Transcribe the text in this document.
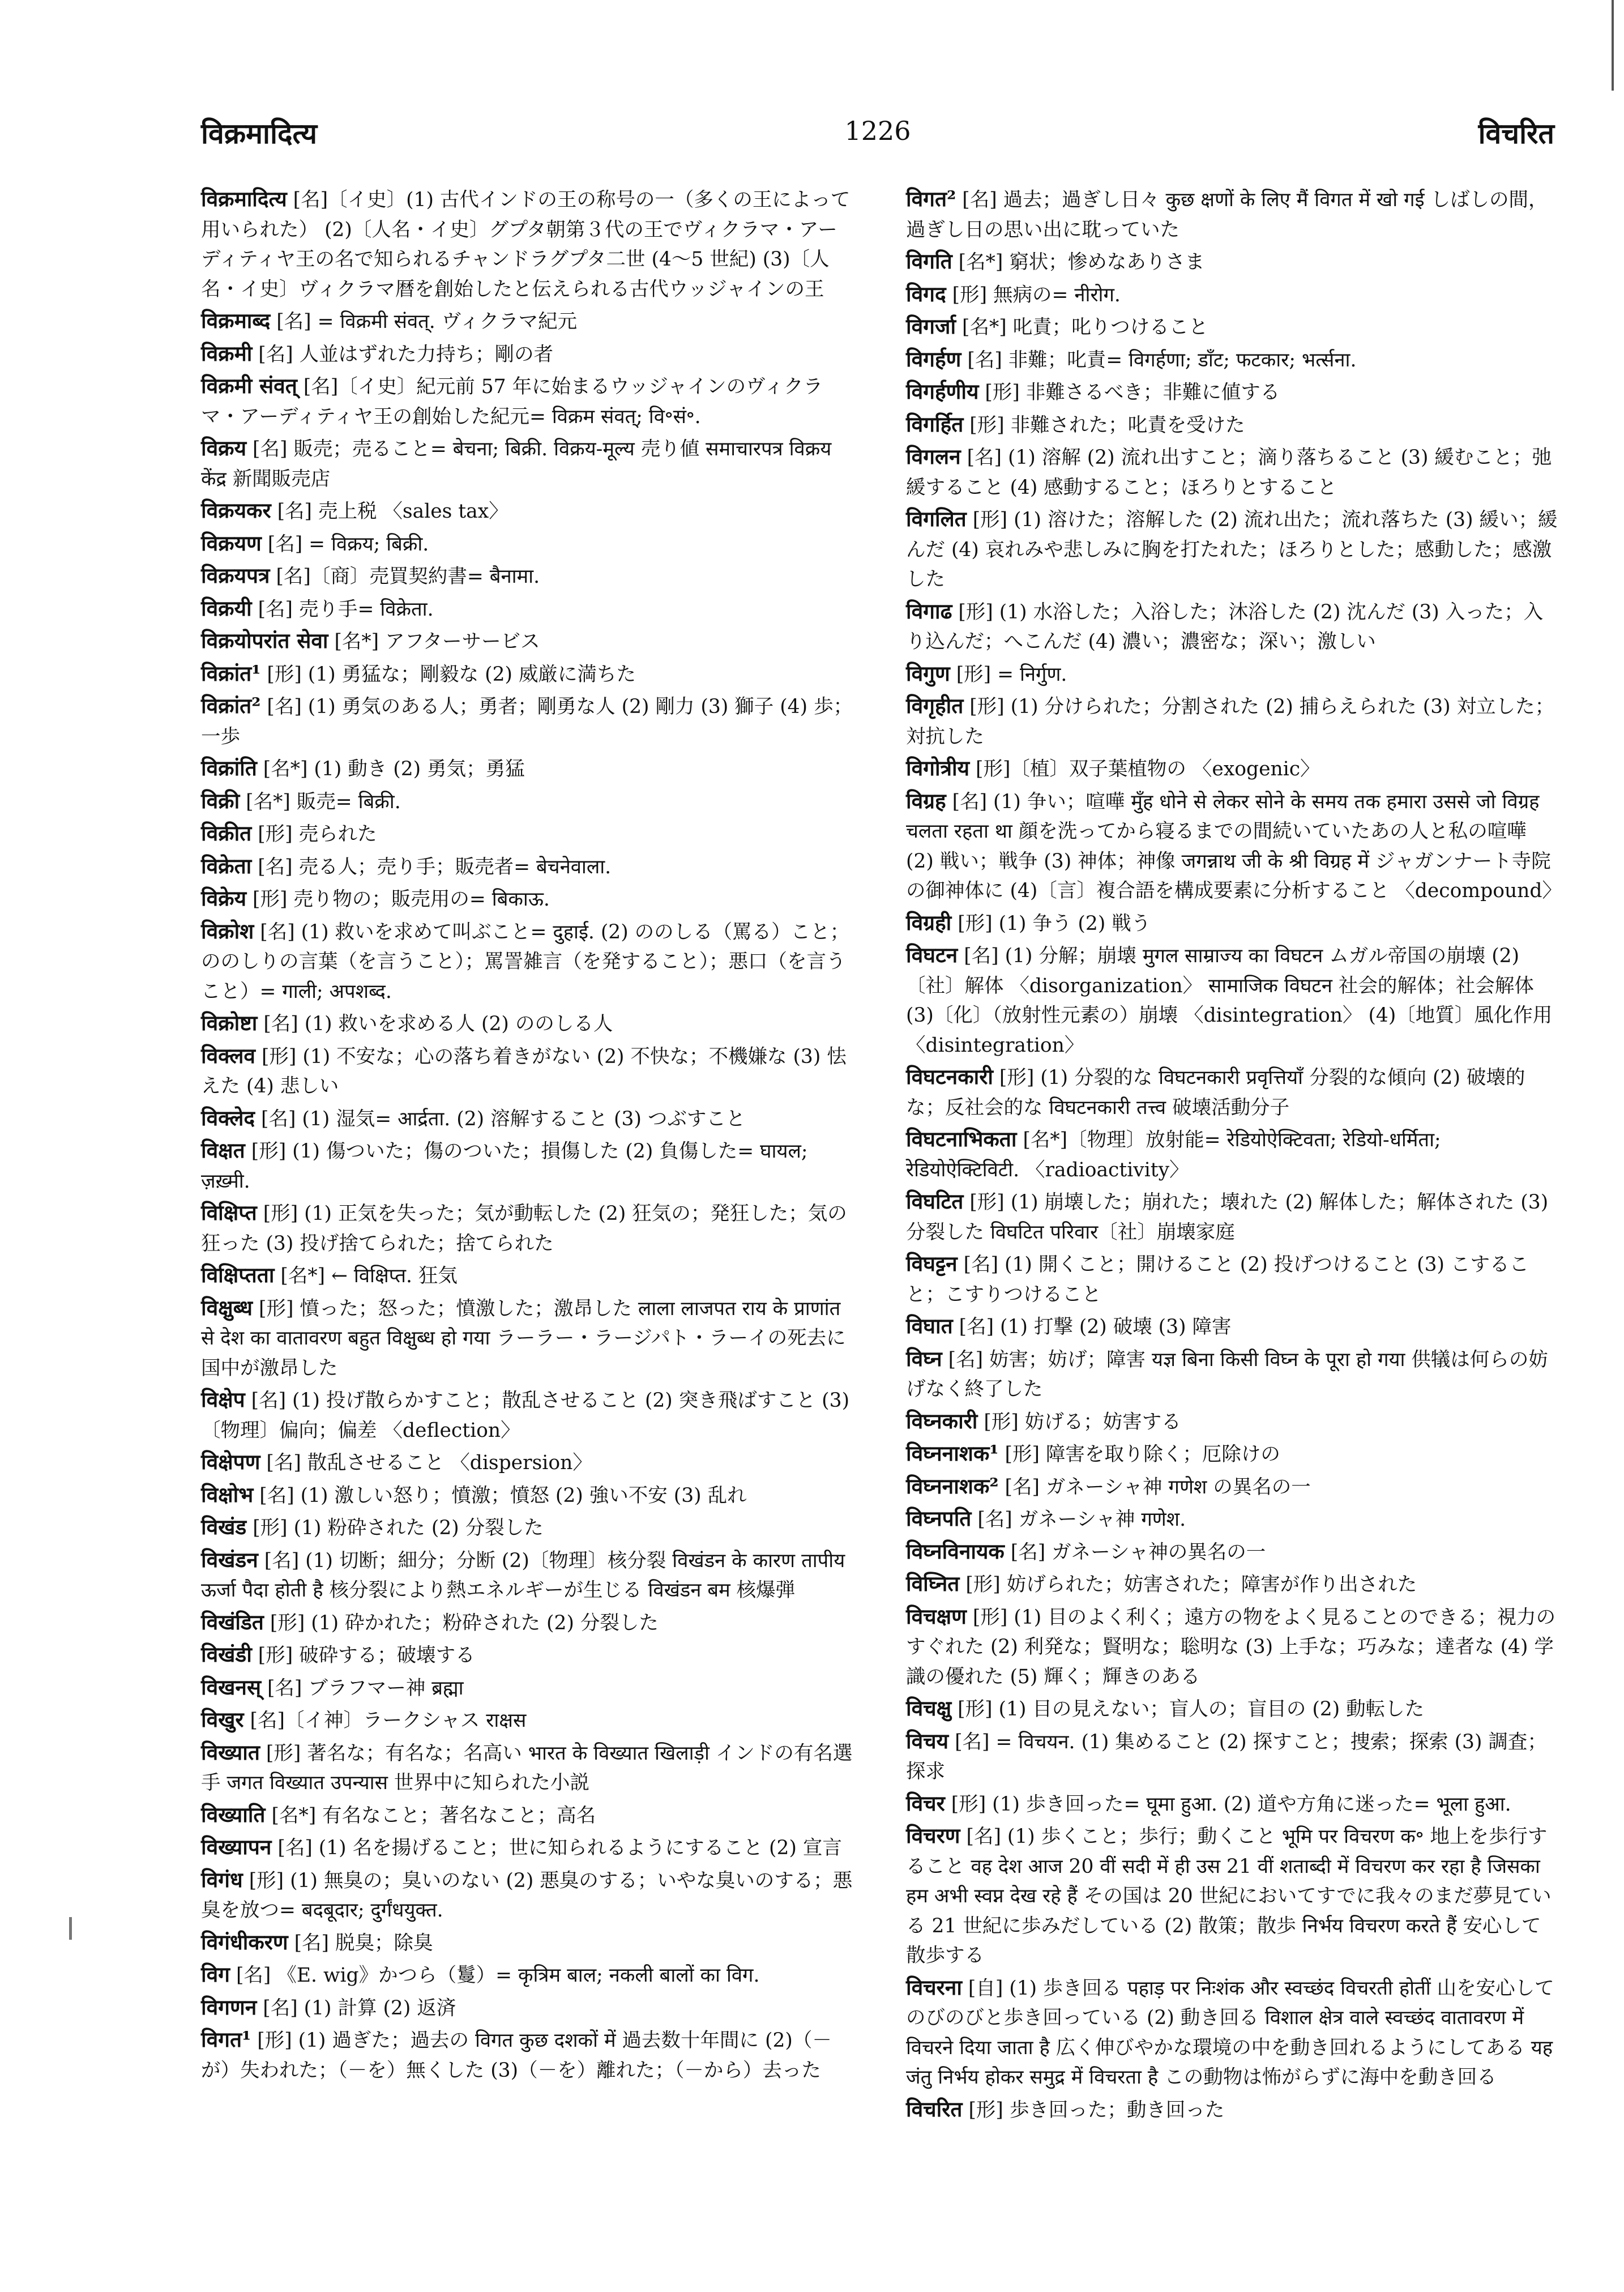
विक्रमादित्य	1226	विचरित

विक्रमादित्य [名]〔イ史〕(1) 古代インドの王の称号の一（多くの王によって用いられた） (2)〔人名・イ史〕グプタ朝第３代の王でヴィクラマ・アーディティヤ王の名で知られるチャンドラグプタ二世 (4～5 世紀) (3)〔人名・イ史〕ヴィクラマ暦を創始したと伝えられる古代ウッジャインの王

विक्रमाब्द [名] = विक्रमी संवत्. ヴィクラマ紀元

विक्रमी [名] 人並はずれた力持ち；剛の者

विक्रमी संवत् [名]〔イ史〕紀元前 57 年に始まるウッジャインのヴィクラマ・アーディティヤ王の創始した紀元= विक्रम संवत्; वि॰सं॰.

विक्रय [名] 販売；売ること= बेचना; बिक्री. विक्रय-मूल्य 売り値 समाचारपत्र विक्रय केंद्र 新聞販売店

विक्रयकर [名] 売上税 〈sales tax〉

विक्रयण [名] = विक्रय; बिक्री.

विक्रयपत्र [名]〔商〕売買契約書= बैनामा.

विक्रयी [名] 売り手= विक्रेता.

विक्रयोपरांत सेवा [名*] アフターサービス

विक्रांत¹ [形] (1) 勇猛な；剛毅な (2) 威厳に満ちた

विक्रांत² [名] (1) 勇気のある人；勇者；剛勇な人 (2) 剛力 (3) 獅子 (4) 歩；一歩

विक्रांति [名*] (1) 動き (2) 勇気；勇猛

विक्री [名*] 販売= बिक्री.

विक्रीत [形] 売られた

विक्रेता [名] 売る人；売り手；販売者= बेचनेवाला.

विक्रेय [形] 売り物の；販売用の= बिकाऊ.

विक्रोश [名] (1) 救いを求めて叫ぶこと= दुहाई. (2) ののしる（罵る）こと；ののしりの言葉（を言うこと）；罵詈雑言（を発すること）；悪口（を言うこと）= गाली; अपशब्द.

विक्रोष्टा [名] (1) 救いを求める人 (2) ののしる人

विक्लव [形] (1) 不安な；心の落ち着きがない (2) 不快な；不機嫌な (3) 怯えた (4) 悲しい

विक्लेद [名] (1) 湿気= आर्द्रता. (2) 溶解すること (3) つぶすこと

विक्षत [形] (1) 傷ついた；傷のついた；損傷した (2) 負傷した= घायल; ज़ख़्मी.

विक्षिप्त [形] (1) 正気を失った；気が動転した (2) 狂気の；発狂した；気の狂った (3) 投げ捨てられた；捨てられた

विक्षिप्तता [名*] ← विक्षिप्त. 狂気

विक्षुब्ध [形] 憤った；怒った；憤激した；激昂した लाला लाजपत राय के प्राणांत से देश का वातावरण बहुत विक्षुब्ध हो गया ラーラー・ラージパト・ラーイの死去に国中が激昂した

विक्षेप [名] (1) 投げ散らかすこと；散乱させること (2) 突き飛ばすこと (3)〔物理〕偏向；偏差 〈deflection〉

विक्षेपण [名] 散乱させること 〈dispersion〉

विक्षोभ [名] (1) 激しい怒り；憤激；憤怒 (2) 強い不安 (3) 乱れ

विखंड [形] (1) 粉砕された (2) 分裂した

विखंडन [名] (1) 切断；細分；分断 (2)〔物理〕核分裂 विखंडन के कारण तापीय ऊर्जा पैदा होती है 核分裂により熱エネルギーが生じる विखंडन बम 核爆弾

विखंडित [形] (1) 砕かれた；粉砕された (2) 分裂した

विखंडी [形] 破砕する；破壊する

विखनस् [名] ブラフマー神 ब्रह्मा

विखुर [名]〔イ神〕ラークシャス राक्षस

विख्यात [形] 著名な；有名な；名高い भारत के विख्यात खिलाड़ी インドの有名選手 जगत विख्यात उपन्यास 世界中に知られた小説

विख्याति [名*] 有名なこと；著名なこと；高名

विख्यापन [名] (1) 名を揚げること；世に知られるようにすること (2) 宣言

विगंध [形] (1) 無臭の；臭いのない (2) 悪臭のする；いやな臭いのする；悪臭を放つ= बदबूदार; दुर्गंधयुक्त.

विगंधीकरण [名] 脱臭；除臭

विग [名] 《E. wig》かつら（鬘）= कृत्रिम बाल; नकली बालों का विग.

विगणन [名] (1) 計算 (2) 返済

विगत¹ [形] (1) 過ぎた；過去の विगत कुछ दशकों में 過去数十年間に (2)（－が）失われた；（－を）無くした (3)（－を）離れた；（－から）去った

विगत² [名] 過去；過ぎし日々 कुछ क्षणों के लिए मैं विगत में खो गई しばしの間，過ぎし日の思い出に耽っていた

विगति [名*] 窮状；惨めなありさま

विगद [形] 無病の= नीरोग.

विगर्जा [名*] 叱責；叱りつけること

विगर्हण [名] 非難；叱責= विगर्हणा; डाँट; फटकार; भर्त्सना.

विगर्हणीय [形] 非難さるべき；非難に値する

विगर्हित [形] 非難された；叱責を受けた

विगलन [名] (1) 溶解 (2) 流れ出すこと；滴り落ちること (3) 緩むこと；弛緩すること (4) 感動すること；ほろりとすること

विगलित [形] (1) 溶けた；溶解した (2) 流れ出た；流れ落ちた (3) 緩い；緩んだ (4) 哀れみや悲しみに胸を打たれた；ほろりとした；感動した；感激した

विगाढ [形] (1) 水浴した；入浴した；沐浴した (2) 沈んだ (3) 入った；入り込んだ；へこんだ (4) 濃い；濃密な；深い；激しい

विगुण [形] = निर्गुण.

विगृहीत [形] (1) 分けられた；分割された (2) 捕らえられた (3) 対立した；対抗した

विगोत्रीय [形]〔植〕双子葉植物の 〈exogenic〉

विग्रह [名] (1) 争い；喧嘩 मुँह धोने से लेकर सोने के समय तक हमारा उससे जो विग्रह चलता रहता था 顔を洗ってから寝るまでの間続いていたあの人と私の喧嘩 (2) 戦い；戦争 (3) 神体；神像 जगन्नाथ जी के श्री विग्रह में ジャガンナート寺院の御神体に (4)〔言〕複合語を構成要素に分析すること 〈decompound〉

विग्रही [形] (1) 争う (2) 戦う

विघटन [名] (1) 分解；崩壊 मुगल साम्राज्य का विघटन ムガル帝国の崩壊 (2)〔社〕解体 〈disorganization〉 सामाजिक विघटन 社会的解体；社会解体 (3)〔化〕（放射性元素の）崩壊 〈disintegration〉 (4)〔地質〕風化作用 〈disintegration〉

विघटनकारी [形] (1) 分裂的な विघटनकारी प्रवृत्तियाँ 分裂的な傾向 (2) 破壊的な；反社会的な विघटनकारी तत्त्व 破壊活動分子

विघटनाभिकता [名*]〔物理〕放射能= रेडियोऐक्टिवता; रेडियो-धर्मिता; रेडियोऐक्टिविटी. 〈radioactivity〉

विघटित [形] (1) 崩壊した；崩れた；壊れた (2) 解体した；解体された (3) 分裂した विघटित परिवार〔社〕崩壊家庭

विघट्टन [名] (1) 開くこと；開けること (2) 投げつけること (3) こすること；こすりつけること

विघात [名] (1) 打撃 (2) 破壊 (3) 障害

विघ्न [名] 妨害；妨げ；障害 यज्ञ बिना किसी विघ्न के पूरा हो गया 供犠は何らの妨げなく終了した

विघ्नकारी [形] 妨げる；妨害する

विघ्ननाशक¹ [形] 障害を取り除く；厄除けの

विघ्ननाशक² [名] ガネーシャ神 गणेश の異名の一

विघ्नपति [名] ガネーシャ神 गणेश.

विघ्नविनायक [名] ガネーシャ神の異名の一

विघ्नित [形] 妨げられた；妨害された；障害が作り出された

विचक्षण [形] (1) 目のよく利く；遠方の物をよく見ることのできる；視力のすぐれた (2) 利発な；賢明な；聡明な (3) 上手な；巧みな；達者な (4) 学識の優れた (5) 輝く；輝きのある

विचक्षु [形] (1) 目の見えない；盲人の；盲目の (2) 動転した

विचय [名] = विचयन. (1) 集めること (2) 探すこと；捜索；探索 (3) 調査；探求

विचर [形] (1) 歩き回った= घूमा हुआ. (2) 道や方角に迷った= भूला हुआ.

विचरण [名] (1) 歩くこと；歩行；動くこと भूमि पर विचरण क॰ 地上を歩行すること वह देश आज 20 वीं सदी में ही उस 21 वीं शताब्दी में विचरण कर रहा है जिसका हम अभी स्वप्न देख रहे हैं その国は 20 世紀においてすでに我々のまだ夢見ている 21 世紀に歩みだしている (2) 散策；散歩 निर्भय विचरण करते हैं 安心して散歩する

विचरना [自] (1) 歩き回る पहाड़ पर निःशंक और स्वच्छंद विचरती होतीं 山を安心してのびのびと歩き回っている (2) 動き回る विशाल क्षेत्र वाले स्वच्छंद वातावरण में विचरने दिया जाता है 広く伸びやかな環境の中を動き回れるようにしてある यह जंतु निर्भय होकर समुद्र में विचरता है この動物は怖がらずに海中を動き回る

विचरित [形] 歩き回った；動き回った
